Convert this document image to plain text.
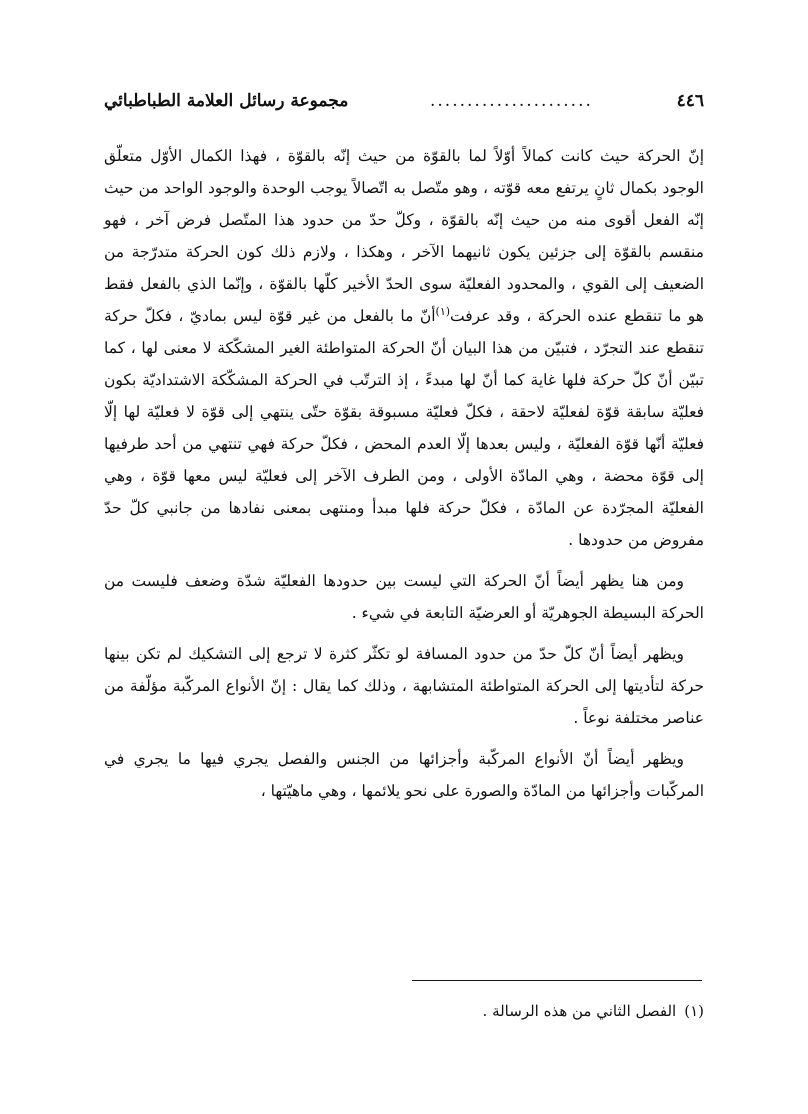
٤٤٦
......................
مجموعة رسائل العلامة الطباطبائي

إنّ الحركة حيث كانت كمالاً أوّلاً لما بالقوّة من حيث إنّه بالقوّة ، فهذا الكمال الأوّل متعلّق الوجود بكمال ثانٍ يرتفع معه قوّته ، وهو متّصل به اتّصالاً يوجب الوحدة والوجود الواحد من حيث إنّه الفعل أقوى منه من حيث إنّه بالقوّة ، وكلّ حدّ من حدود هذا المتّصل فرض آخر ، فهو منقسم بالقوّة إلى جزئين يكون ثانيهما الآخر ، وهكذا ، ولازم ذلك كون الحركة متدرّجة من الضعيف إلى القوي ، والمحدود الفعليّة سوى الحدّ الأخير كلّها بالقوّة ، وإنّما الذي بالفعل فقط هو ما تنقطع عنده الحركة ، وقد عرفت$^{(١)}$أنّ ما بالفعل من غير قوّة ليس بماديّ ، فكلّ حركة تنقطع عند التجرّد ، فتبيّن من هذا البيان أنّ الحركة المتواطئة الغير المشكّكة لا معنى لها ، كما تبيّن أنّ كلّ حركة فلها غاية كما أنّ لها مبدءً ، إذ الترتّب في الحركة المشكّكة الاشتداديّة بكون فعليّة سابقة قوّة لفعليّة لاحقة ، فكلّ فعليّة مسبوقة بقوّة حتّى ينتهي إلى قوّة لا فعليّة لها إلّا فعليّة أنّها قوّة الفعليّة ، وليس بعدها إلّا العدم المحض ، فكلّ حركة فهي تنتهي من أحد طرفيها إلى قوّة محضة ، وهي المادّة الأولى ، ومن الطرف الآخر إلى فعليّة ليس معها قوّة ، وهي الفعليّة المجرّدة عن المادّة ، فكلّ حركة فلها مبدأ ومنتهى بمعنى نفادها من جانبي كلّ حدّ مفروض من حدودها .

ومن هنا يظهر أيضاً أنّ الحركة التي ليست بين حدودها الفعليّة شدّة وضعف فليست من الحركة البسيطة الجوهريّة أو العرضيّة التابعة في شيء .

ويظهر أيضاً أنّ كلّ حدّ من حدود المسافة لو تكثّر كثرة لا ترجع إلى التشكيك لم تكن بينها حركة لتأديتها إلى الحركة المتواطئة المتشابهة ، وذلك كما يقال : إنّ الأنواع المركّبة مؤلّفة من عناصر مختلفة نوعاً .

ويظهر أيضاً أنّ الأنواع المركّبة وأجزائها من الجنس والفصل يجري فيها ما يجري في المركّبات وأجزائها من المادّة والصورة على نحو يلائمها ، وهي ماهيّتها ،

(١)الفصل الثاني من هذه الرسالة .
